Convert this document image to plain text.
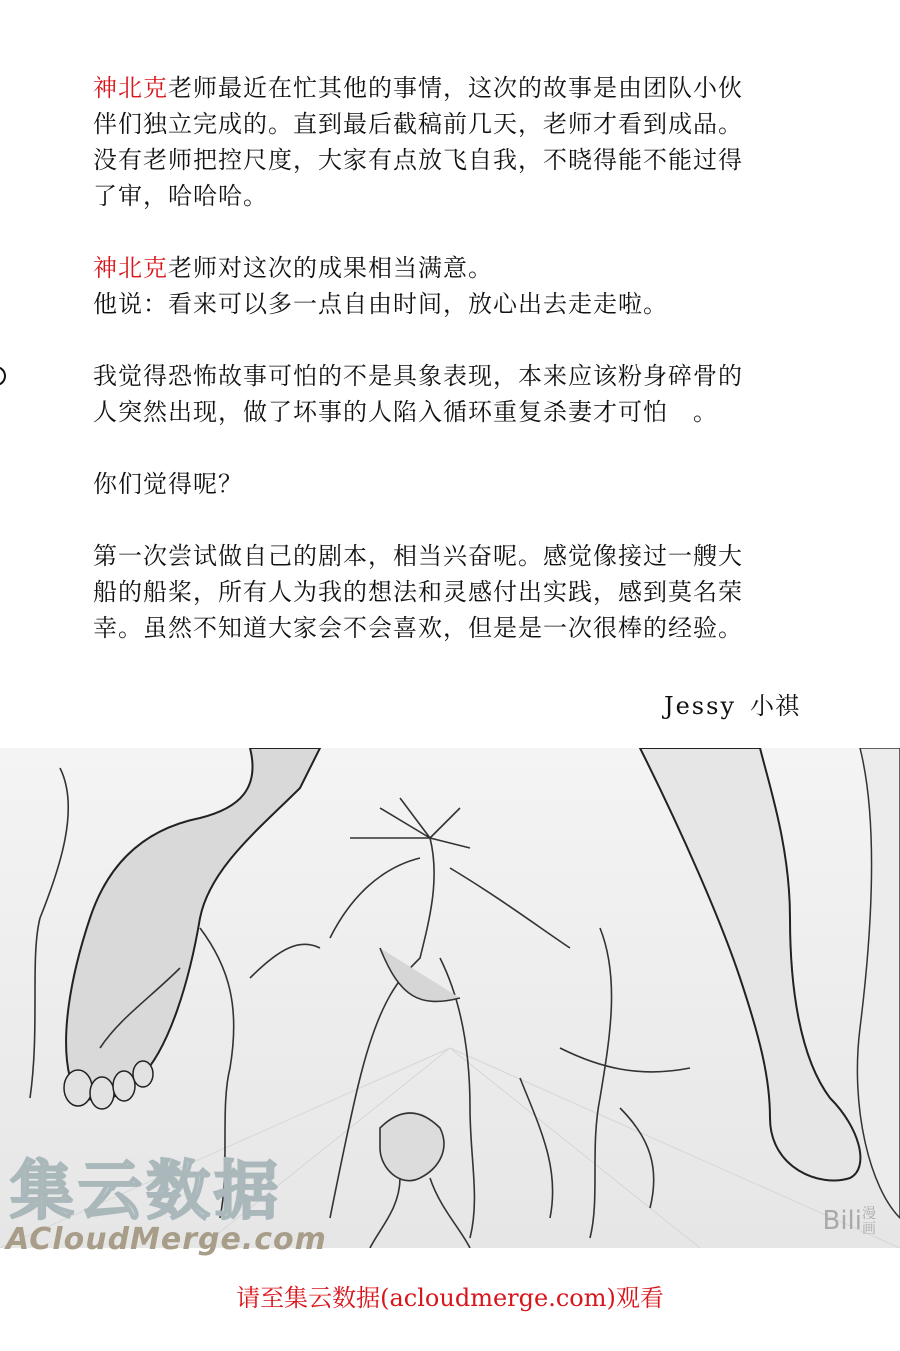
神北克老师最近在忙其他的事情，这次的故事是由团队小伙
伴们独立完成的。直到最后截稿前几天，老师才看到成品。
没有老师把控尺度，大家有点放飞自我，不晓得能不能过得
了审，哈哈哈。

神北克老师对这次的成果相当满意。
他说：看来可以多一点自由时间，放心出去走走啦。

我觉得恐怖故事可怕的不是具象表现，本来应该粉身碎骨的
人突然出现，做了坏事的人陷入循环重复杀妻才可怕　。

你们觉得呢？

第一次尝试做自己的剧本，相当兴奋呢。感觉像接过一艘大
船的船桨，所有人为我的想法和灵感付出实践，感到莫名荣
幸。虽然不知道大家会不会喜欢，但是是一次很棒的经验。

Jessy 小祺
集云数据
ACloudMerge.com
Bili漫画
请至集云数据(acloudmerge.com)观看
